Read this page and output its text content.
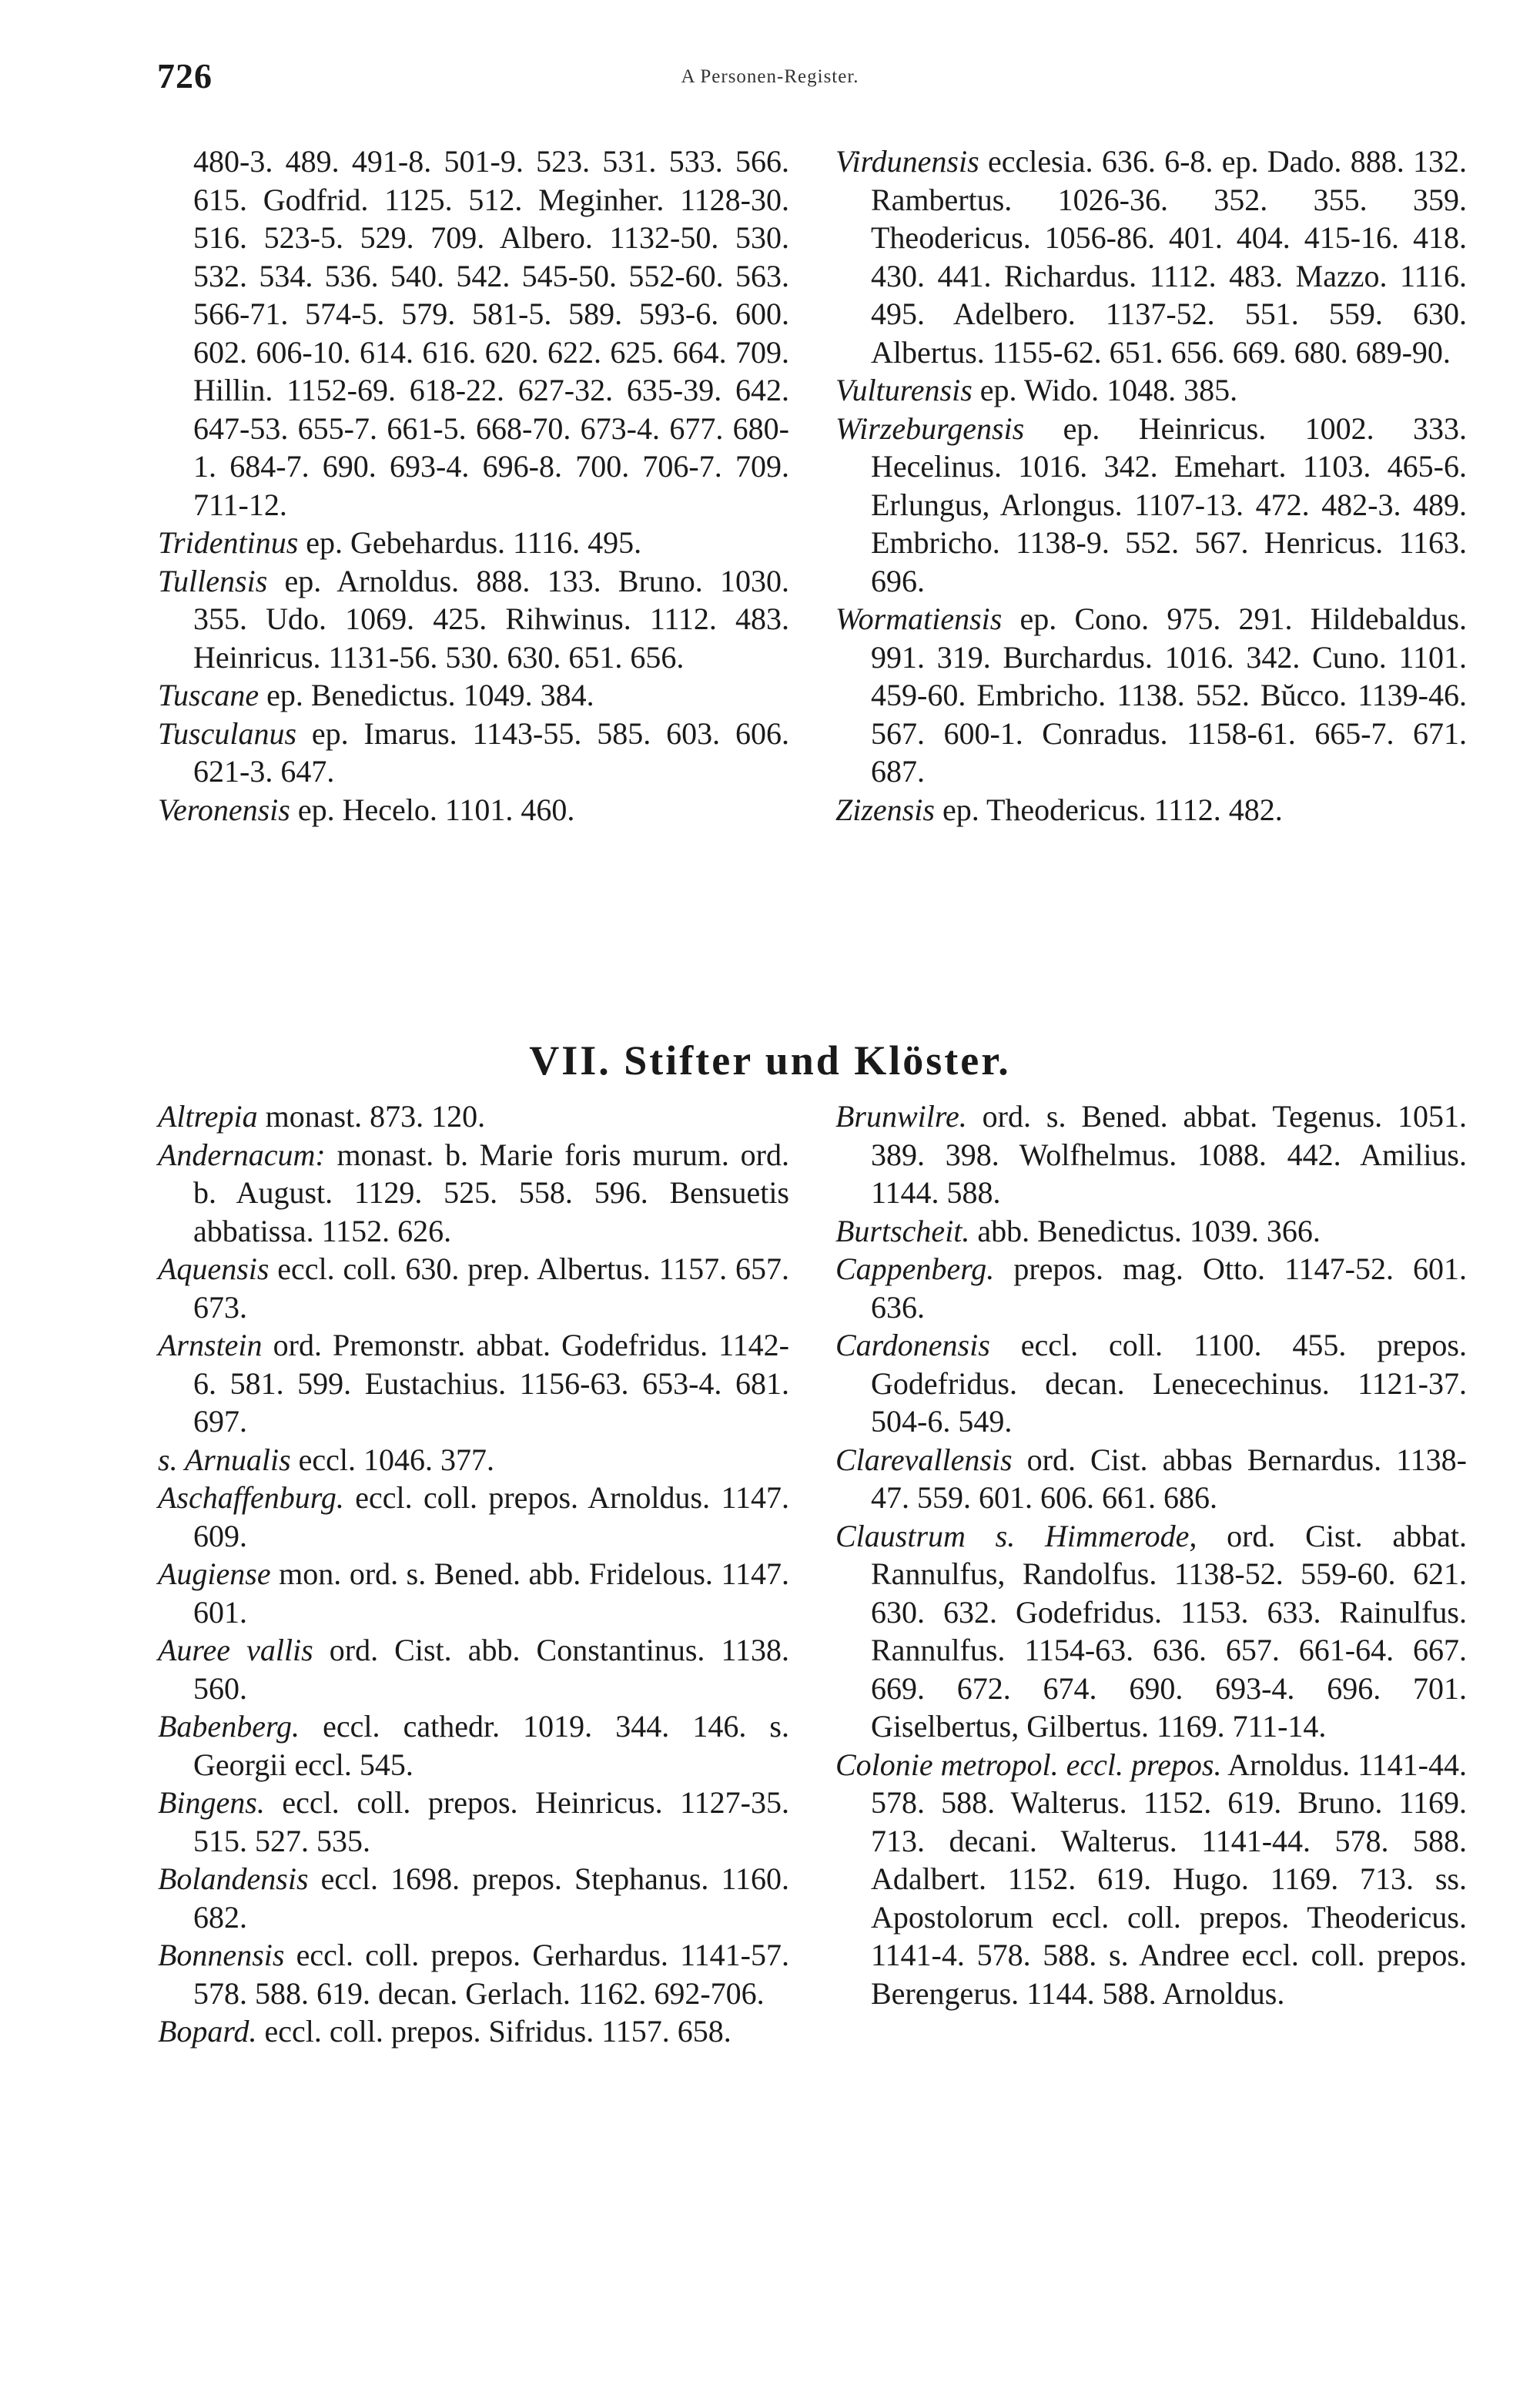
726	A Personen-Register.

480-3. 489. 491-8. 501-9. 523. 531. 533. 566. 615. Godfrid. 1125. 512. Meginher. 1128-30. 516. 523-5. 529. 709. Albero. 1132-50. 530. 532. 534. 536. 540. 542. 545-50. 552-60. 563. 566-71. 574-5. 579. 581-5. 589. 593-6. 600. 602. 606-10. 614. 616. 620. 622. 625. 664. 709. Hillin. 1152-69. 618-22. 627-32. 635-39. 642. 647-53. 655-7. 661-5. 668-70. 673-4. 677. 680-1. 684-7. 690. 693-4. 696-8. 700. 706-7. 709. 711-12.

Tridentinus ep. Gebehardus. 1116. 495.

Tullensis ep. Arnoldus. 888. 133. Bruno. 1030. 355. Udo. 1069. 425. Rihwinus. 1112. 483. Heinricus. 1131-56. 530. 630. 651. 656.

Tuscane ep. Benedictus. 1049. 384.

Tusculanus ep. Imarus. 1143-55. 585. 603. 606. 621-3. 647.

Veronensis ep. Hecelo. 1101. 460.

Virdunensis ecclesia. 636. 6-8. ep. Dado. 888. 132. Rambertus. 1026-36. 352. 355. 359. Theodericus. 1056-86. 401. 404. 415-16. 418. 430. 441. Richardus. 1112. 483. Mazzo. 1116. 495. Adelbero. 1137-52. 551. 559. 630. Albertus. 1155-62. 651. 656. 669. 680. 689-90.

Vulturensis ep. Wido. 1048. 385.

Wirzeburgensis ep. Heinricus. 1002. 333. Hecelinus. 1016. 342. Emehart. 1103. 465-6. Erlungus, Arlongus. 1107-13. 472. 482-3. 489. Embricho. 1138-9. 552. 567. Henricus. 1163. 696.

Wormatiensis ep. Cono. 975. 291. Hildebaldus. 991. 319. Burchardus. 1016. 342. Cuno. 1101. 459-60. Embricho. 1138. 552. Bŭcco. 1139-46. 567. 600-1. Conradus. 1158-61. 665-7. 671. 687.

Zizensis ep. Theodericus. 1112. 482.

VII. Stifter und Klöster.

Altrepia monast. 873. 120.

Andernacum: monast. b. Marie foris murum. ord. b. August. 1129. 525. 558. 596. Bensuetis abbatissa. 1152. 626.

Aquensis eccl. coll. 630. prep. Albertus. 1157. 657. 673.

Arnstein ord. Premonstr. abbat. Godefridus. 1142-6. 581. 599. Eustachius. 1156-63. 653-4. 681. 697.

s. Arnualis eccl. 1046. 377.

Aschaffenburg. eccl. coll. prepos. Arnoldus. 1147. 609.

Augiense mon. ord. s. Bened. abb. Fridelous. 1147. 601.

Auree vallis ord. Cist. abb. Constantinus. 1138. 560.

Babenberg. eccl. cathedr. 1019. 344. 146. s. Georgii eccl. 545.

Bingens. eccl. coll. prepos. Heinricus. 1127-35. 515. 527. 535.

Bolandensis eccl. 1698. prepos. Stephanus. 1160. 682.

Bonnensis eccl. coll. prepos. Gerhardus. 1141-57. 578. 588. 619. decan. Gerlach. 1162. 692-706.

Bopard. eccl. coll. prepos. Sifridus. 1157. 658.

Brunwilre. ord. s. Bened. abbat. Tegenus. 1051. 389. 398. Wolfhelmus. 1088. 442. Amilius. 1144. 588.

Burtscheit. abb. Benedictus. 1039. 366.

Cappenberg. prepos. mag. Otto. 1147-52. 601. 636.

Cardonensis eccl. coll. 1100. 455. prepos. Godefridus. decan. Lenecechinus. 1121-37. 504-6. 549.

Clarevallensis ord. Cist. abbas Bernardus. 1138-47. 559. 601. 606. 661. 686.

Claustrum s. Himmerode, ord. Cist. abbat. Rannulfus, Randolfus. 1138-52. 559-60. 621. 630. 632. Godefridus. 1153. 633. Rainulfus. Rannulfus. 1154-63. 636. 657. 661-64. 667. 669. 672. 674. 690. 693-4. 696. 701. Giselbertus, Gilbertus. 1169. 711-14.

Colonie metropol. eccl. prepos. Arnoldus. 1141-44. 578. 588. Walterus. 1152. 619. Bruno. 1169. 713. decani. Walterus. 1141-44. 578. 588. Adalbert. 1152. 619. Hugo. 1169. 713. ss. Apostolorum eccl. coll. prepos. Theodericus. 1141-4. 578. 588. s. Andree eccl. coll. prepos. Berengerus. 1144. 588. Arnoldus.
